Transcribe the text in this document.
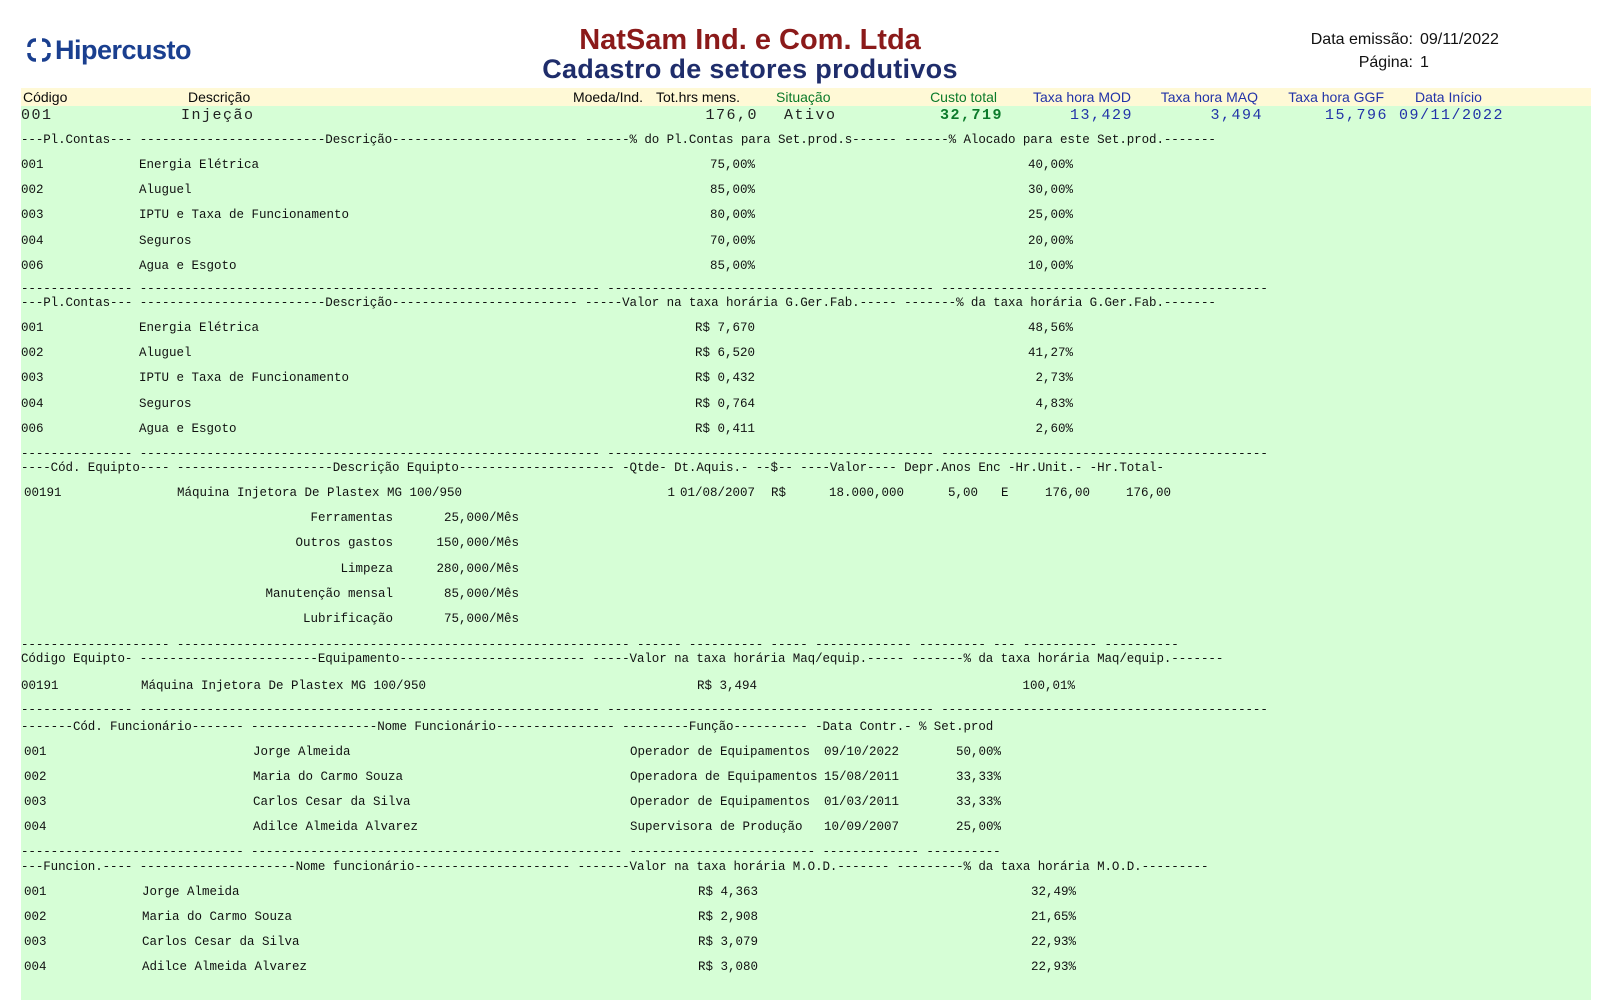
Hipercusto	NatSam Ind. e Com. Ltda
Cadastro de setores produtivos
Data emissão: 09/11/2022
Página: 1
Código	Descrição	Moeda/Ind. Tot.hrs mens.	Situação	Custo total	Taxa hora MOD	Taxa hora MAQ	Taxa hora GGF Data Início
001	Injeção	176,0 Ativo	32,719	13,429	3,494	15,796 09/11/2022
---Pl.Contas--- -------------------------Descrição------------------------- ------% do Pl.Contas para Set.prod.s------ ------% Alocado para este Set.prod.-------
001	Energia Elétrica	75,00%	40,00%
002	Aluguel	85,00%	30,00%
003	IPTU e Taxa de Funcionamento	80,00%	25,00%
004	Seguros	70,00%	20,00%
006	Agua e Esgoto	85,00%	10,00%
--------------- -------------------------------------------------------------- -------------------------------------------- --------------------------------------------
---Pl.Contas--- -------------------------Descrição------------------------- -----Valor na taxa horária G.Ger.Fab.----- -------% da taxa horária G.Ger.Fab.-------
001	Energia Elétrica	R$ 7,670	48,56%
002	Aluguel	R$ 6,520	41,27%
003	IPTU e Taxa de Funcionamento	R$ 0,432	2,73%
004	Seguros	R$ 0,764	4,83%
006	Agua e Esgoto	R$ 0,411	2,60%
--------------- -------------------------------------------------------------- -------------------------------------------- --------------------------------------------
----Cód. Equipto---- ---------------------Descrição Equipto--------------------- -Qtde- Dt.Aquis.- --$-- ----Valor---- Depr.Anos Enc -Hr.Unit.- -Hr.Total-
00191	Máquina Injetora De Plastex MG 100/950	1 01/08/2007 R$	18.000,000	5,00 E	176,00	176,00
Ferramentas	25,000/Mês
Outros gastos	150,000/Mês
Limpeza	280,000/Mês
Manutenção mensal	85,000/Mês
Lubrificação	75,000/Mês
-------------------- ------------------------------------------------------------- ------ ---------- ----- ------------- --------- --- ---------- ----------
Código Equipto- ------------------------Equipamento------------------------- -----Valor na taxa horária Maq/equip.----- -------% da taxa horária Maq/equip.-------
00191	Máquina Injetora De Plastex MG 100/950	R$ 3,494	100,01%
--------------- -------------------------------------------------------------- -------------------------------------------- --------------------------------------------
-------Cód. Funcionário------- -----------------Nome Funcionário---------------- ---------Função---------- -Data Contr.- % Set.prod
001	Jorge Almeida	Operador de Equipamentos 09/10/2022	50,00%
002	Maria do Carmo Souza	Operadora de Equipamentos 15/08/2011	33,33%
003	Carlos Cesar da Silva	Operador de Equipamentos 01/03/2011	33,33%
004	Adilce Almeida Alvarez	Supervisora de Produção 10/09/2007	25,00%
------------------------------ -------------------------------------------------- ------------------------- ------------- ----------
---Funcion.---- ---------------------Nome funcionário--------------------- -------Valor na taxa horária M.O.D.------- ---------% da taxa horária M.O.D.---------
001	Jorge Almeida	R$ 4,363	32,49%
002	Maria do Carmo Souza	R$ 2,908	21,65%
003	Carlos Cesar da Silva	R$ 3,079	22,93%
004	Adilce Almeida Alvarez	R$ 3,080	22,93%
